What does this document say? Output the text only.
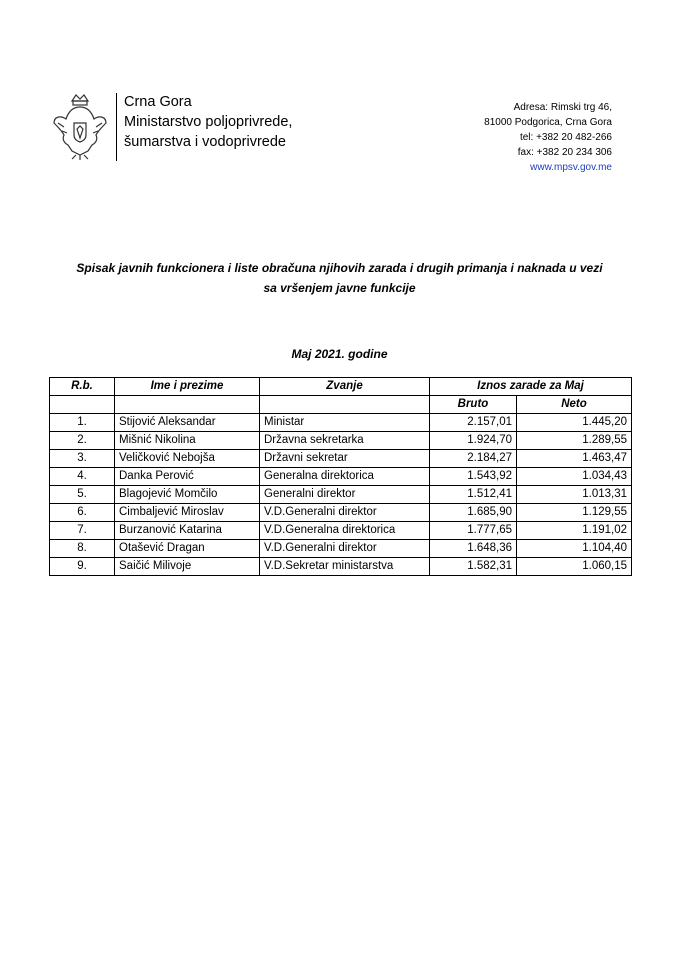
Crna Gora
Ministarstvo poljoprivrede,
šumarstva i vodoprivrede
Adresa: Rimski trg 46,
81000 Podgorica, Crna Gora
tel: +382 20 482-266
fax: +382 20 234 306
www.mpsv.gov.me
Spisak javnih funkcionera i liste obračuna njihovih zarada i drugih primanja i naknada u vezi
sa vršenjem javne funkcije
Maj 2021. godine
R.b.	Ime i prezime	Zvanje	Iznos zarade za Maj	
			Bruto	Neto
1.	Stijović Aleksandar	Ministar	2.157,01	1.445,20
2.	Mišnić Nikolina	Državna sekretarka	1.924,70	1.289,55
3.	Veličković Nebojša	Državni sekretar	2.184,27	1.463,47
4.	Danka Perović	Generalna direktorica	1.543,92	1.034,43
5.	Blagojević Momčilo	Generalni direktor	1.512,41	1.013,31
6.	Cimbaljević Miroslav	V.D.Generalni direktor	1.685,90	1.129,55
7.	Burzanović Katarina	V.D.Generalna direktorica	1.777,65	1.191,02
8.	Otašević Dragan	V.D.Generalni direktor	1.648,36	1.104,40
9.	Saičić Milivoje	V.D.Sekretar ministarstva	1.582,31	1.060,15
